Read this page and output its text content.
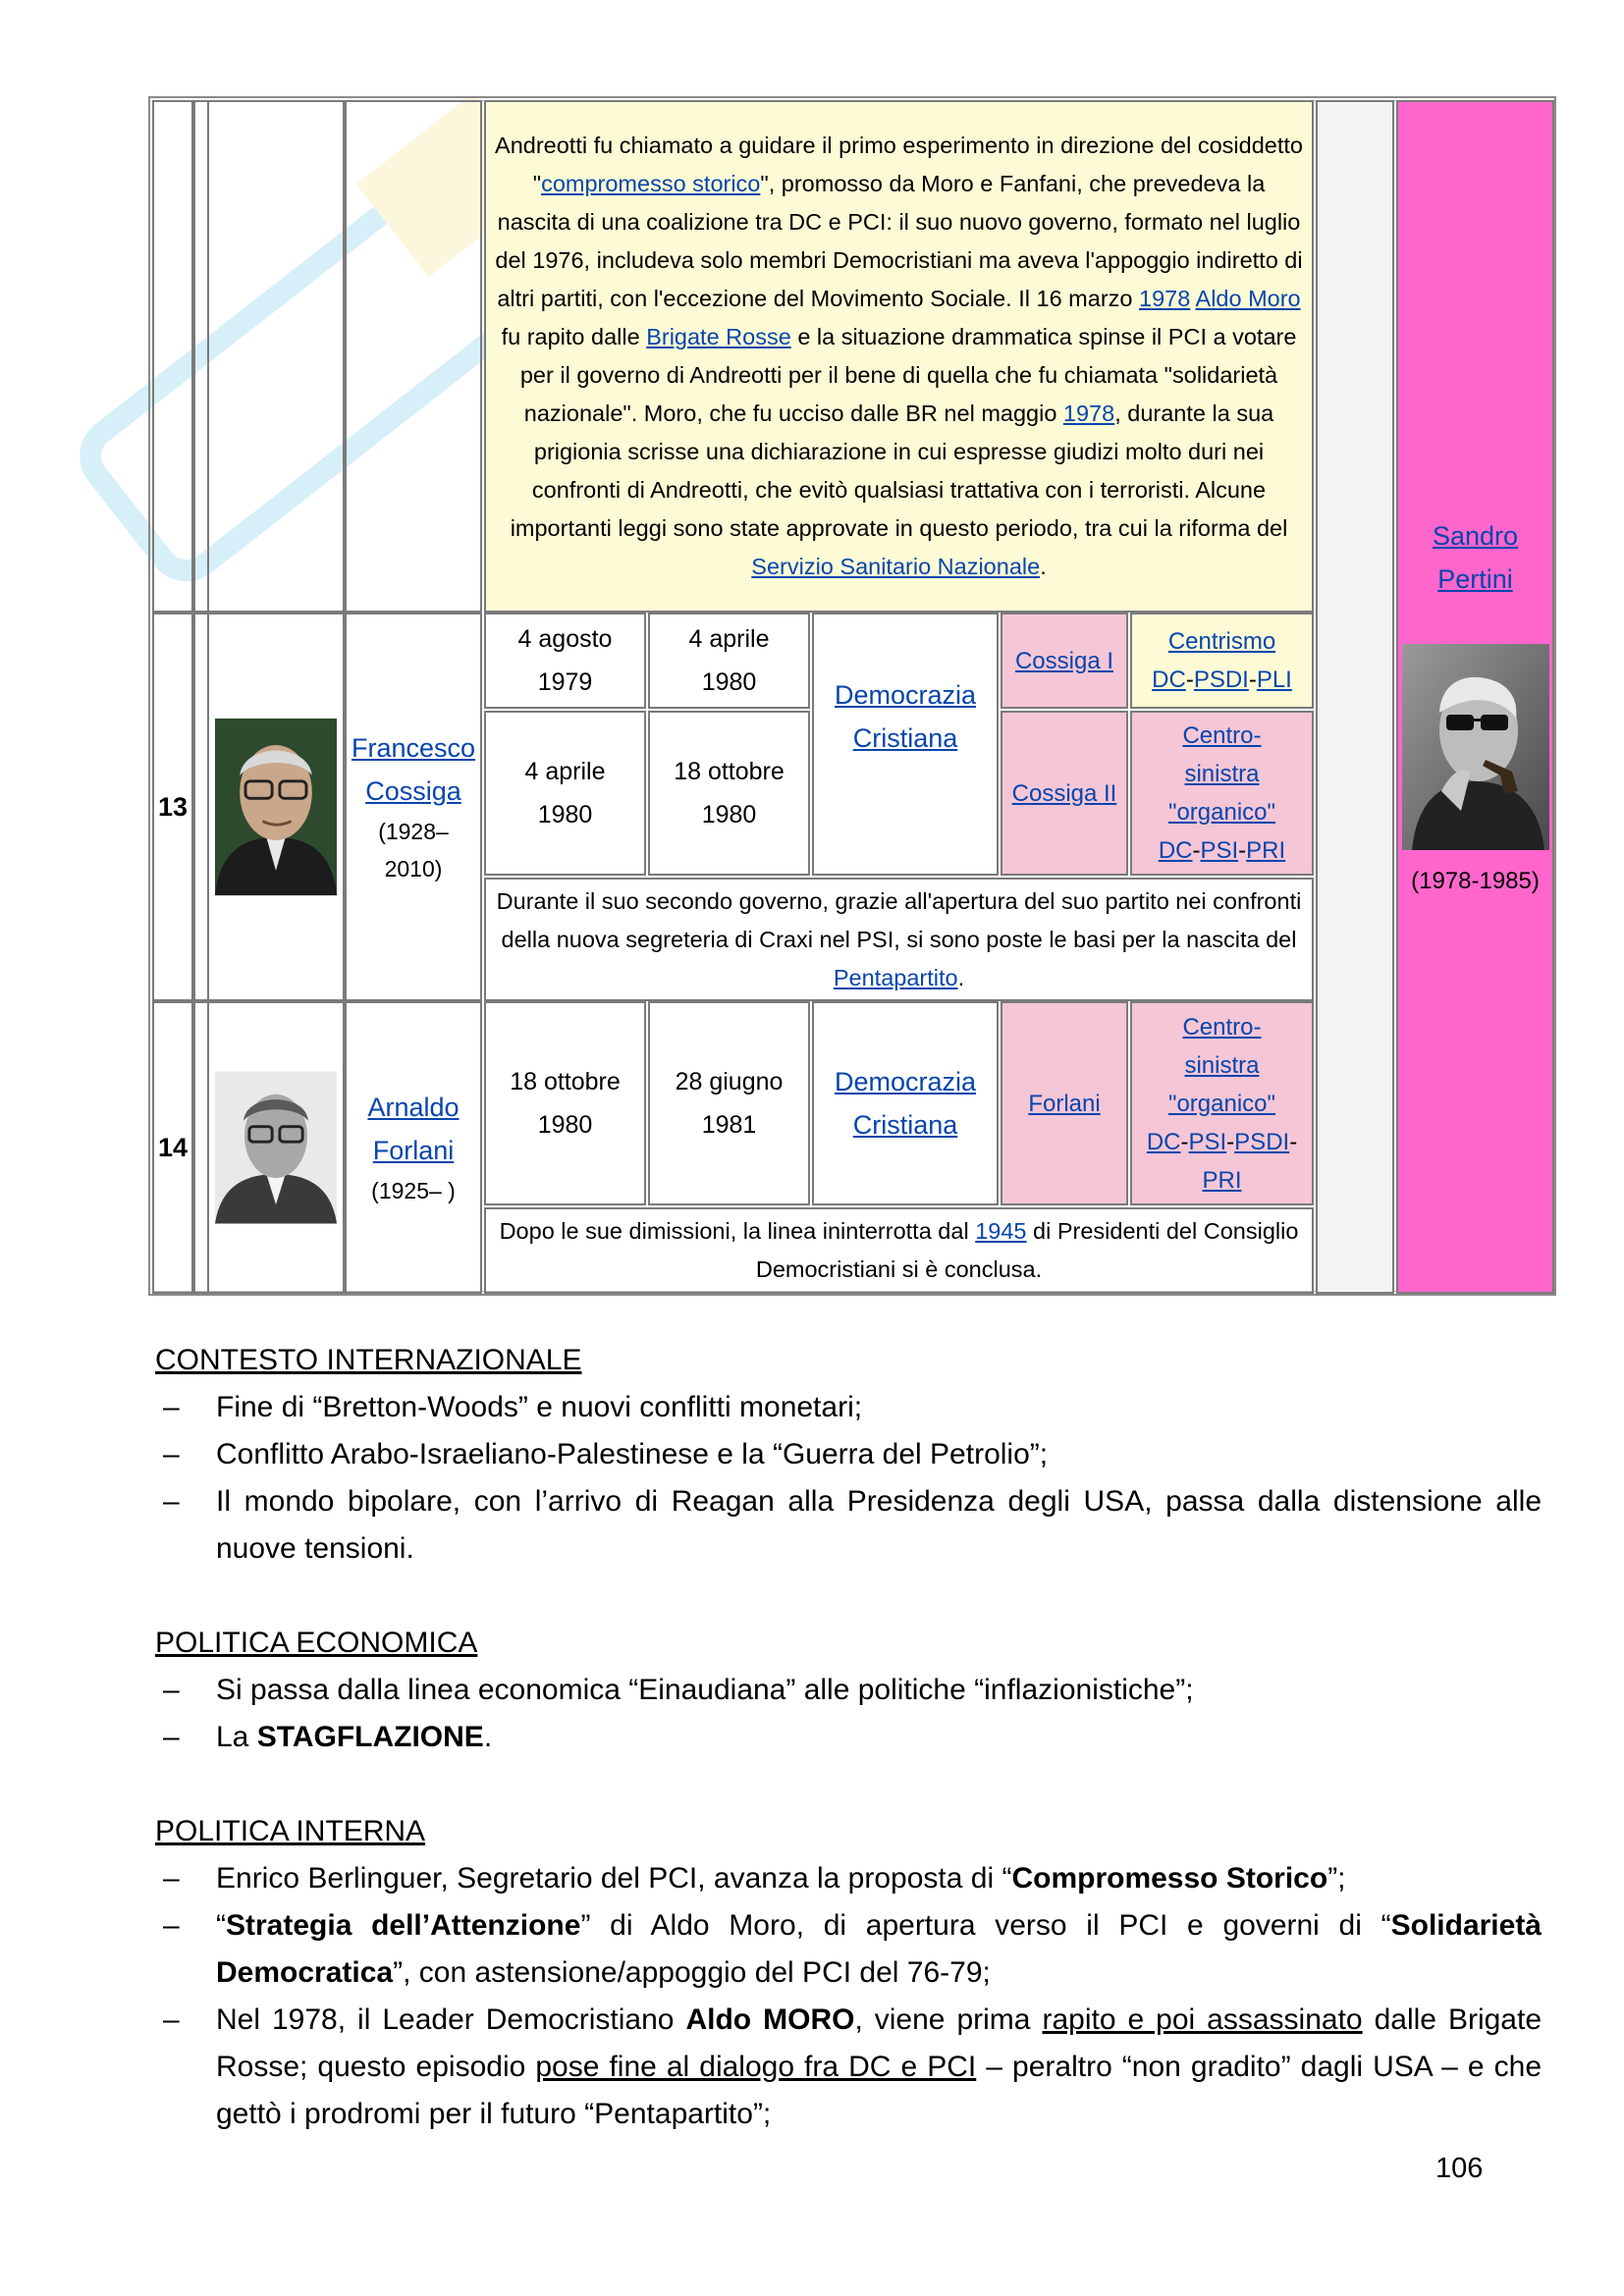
Andreotti fu chiamato a guidare il primo esperimento in direzione del cosiddetto "compromesso storico", promosso da Moro e Fanfani, che prevedeva la nascita di una coalizione tra DC e PCI: il suo nuovo governo, formato nel luglio del 1976, includeva solo membri Democristiani ma aveva l'appoggio indiretto di altri partiti, con l'eccezione del Movimento Sociale. Il 16 marzo 1978 Aldo Moro fu rapito dalle Brigate Rosse e la situazione drammatica spinse il PCI a votare per il governo di Andreotti per il bene di quella che fu chiamata "solidarietà nazionale". Moro, che fu ucciso dalle BR nel maggio 1978, durante la sua prigionia scrisse una dichiarazione in cui espresse giudizi molto duri nei confronti di Andreotti, che evitò qualsiasi trattativa con i terroristi. Alcune importanti leggi sono state approvate in questo periodo, tra cui la riforma del Servizio Sanitario Nazionale.
Sandro
Pertini
(1978-1985)
13
Francesco
Cossiga
(1928–
2010)
4 agosto
1979
4 aprile
1980	Democrazia
Cristiana
Cossiga I
Centrismo
DC-PSDI-PLI
4 aprile
1980
18 ottobre
1980
Cossiga II
Centro-
sinistra
"organico"
DC-PSI-PRI
Durante il suo secondo governo, grazie all'apertura del suo partito nei confronti della nuova segreteria di Craxi nel PSI, si sono poste le basi per la nascita del Pentapartito.
14
Arnaldo
Forlani
(1925– )
18 ottobre
1980
28 giugno
1981
Democrazia
Cristiana
Forlani
Centro-
sinistra
"organico"
DC-PSI-PSDI-
PRI
Dopo le sue dimissioni, la linea ininterrotta dal 1945 di Presidenti del Consiglio Democristiani si è conclusa.

CONTESTO INTERNAZIONALE

– Fine di “Bretton-Woods” e nuovi conflitti monetari;

– Conflitto Arabo-Israeliano-Palestinese e la “Guerra del Petrolio”;

– Il mondo bipolare, con l’arrivo di Reagan alla Presidenza degli USA, passa dalla distensione alle nuove tensioni.

POLITICA ECONOMICA

– Si passa dalla linea economica “Einaudiana” alle politiche “inflazionistiche”;

– La STAGFLAZIONE.

POLITICA INTERNA

– Enrico Berlinguer, Segretario del PCI, avanza la proposta di “Compromesso Storico”;

– “Strategia dell’Attenzione” di Aldo Moro, di apertura verso il PCI e governi di “Solidarietà Democratica”, con astensione/appoggio del PCI del 76-79;

– Nel 1978, il Leader Democristiano Aldo MORO, viene prima rapito e poi assassinato dalle Brigate Rosse; questo episodio pose fine al dialogo fra DC e PCI – peraltro “non gradito” dagli USA – e che gettò i prodromi per il futuro “Pentapartito”;

106
